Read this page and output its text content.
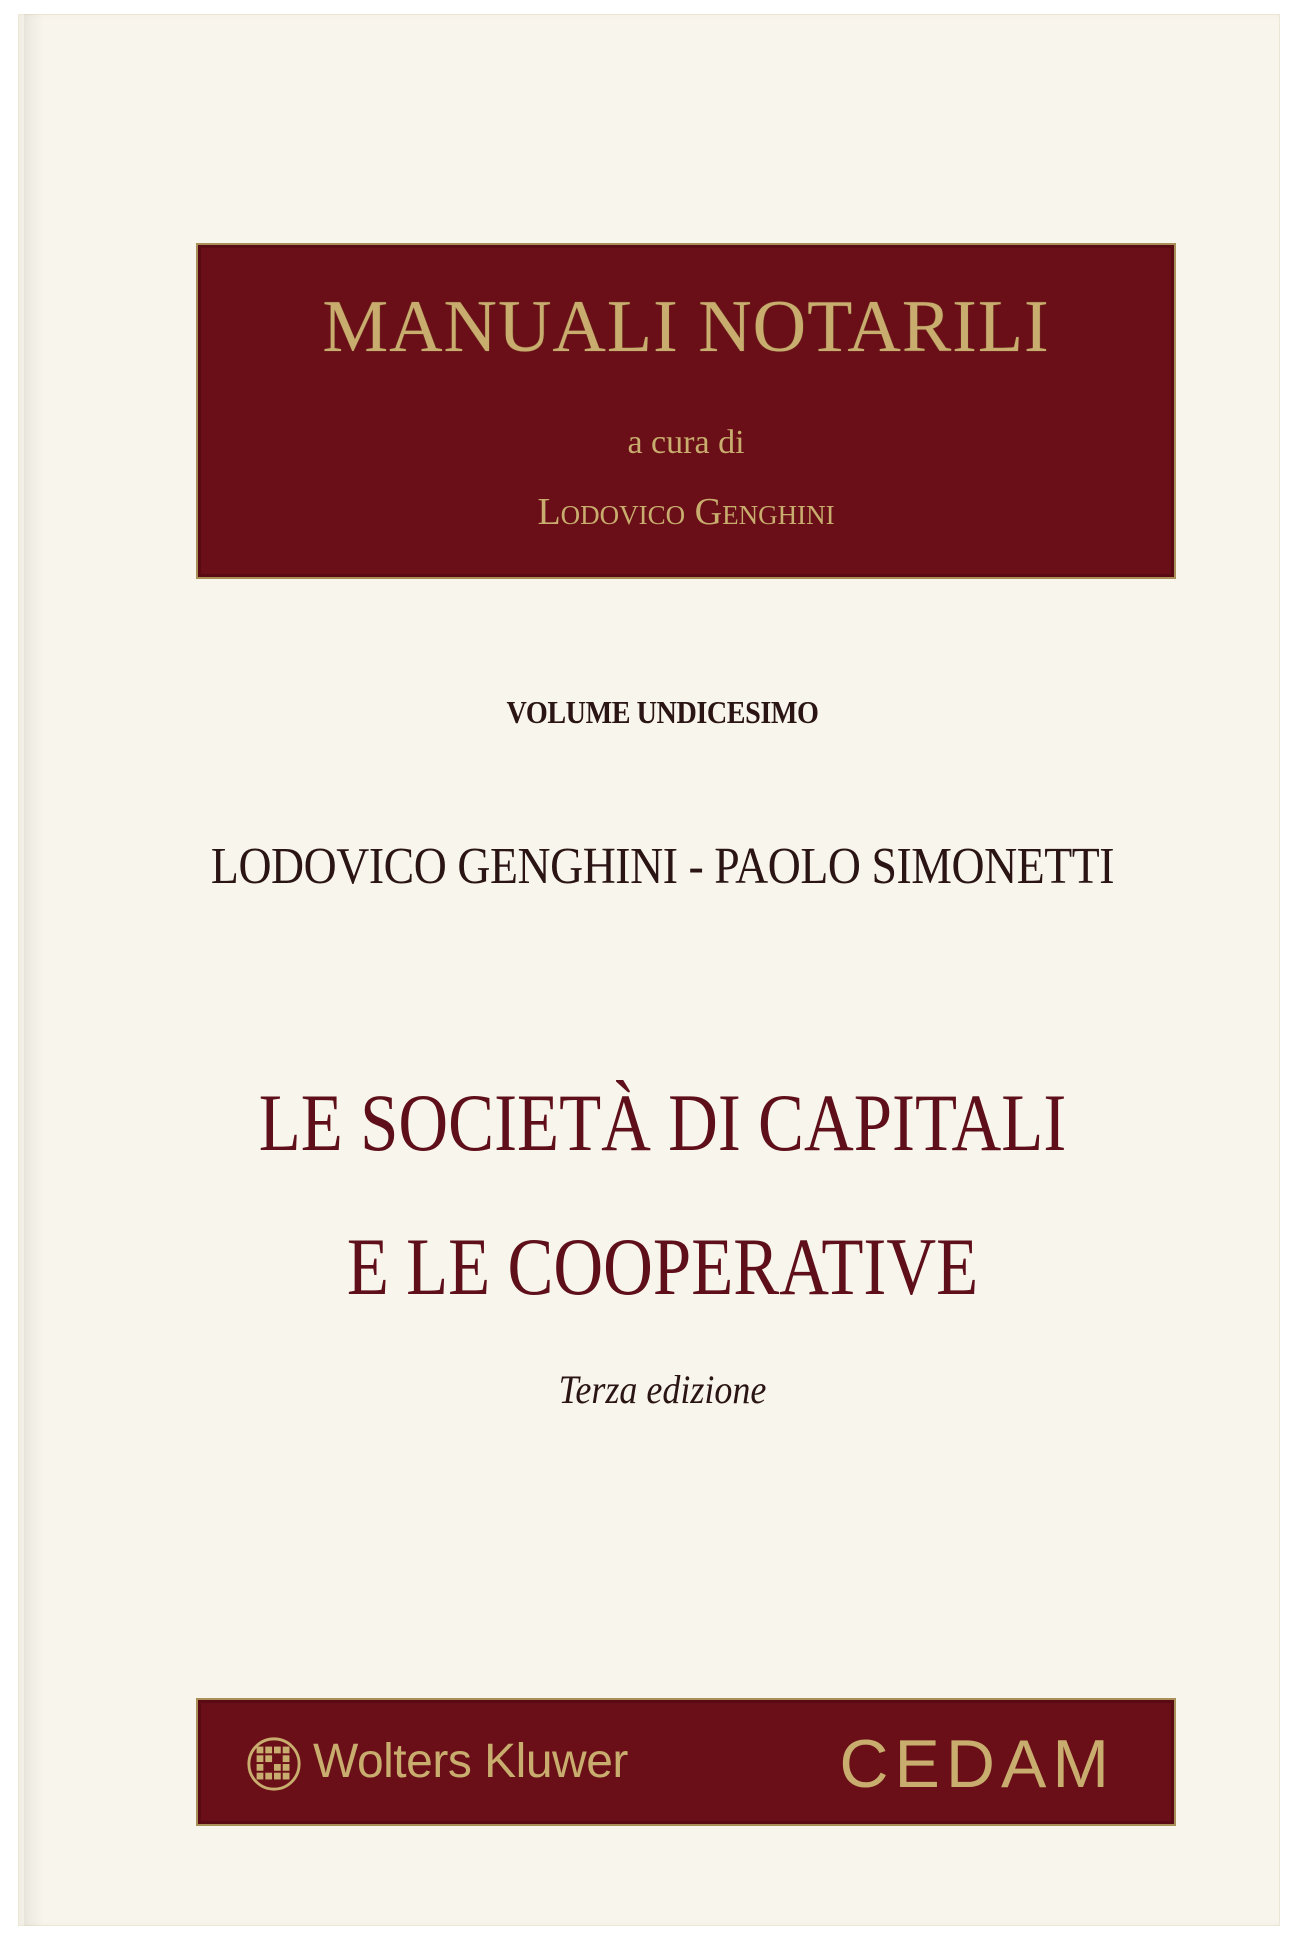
MANUALI NOTARILI
a cura di
Lodovico Genghini
VOLUME UNDICESIMO
LODOVICO GENGHINI - PAOLO SIMONETTI
LE SOCIETÀ DI CAPITALI
E LE COOPERATIVE
Terza edizione
Wolters Kluwer	CEDAM
